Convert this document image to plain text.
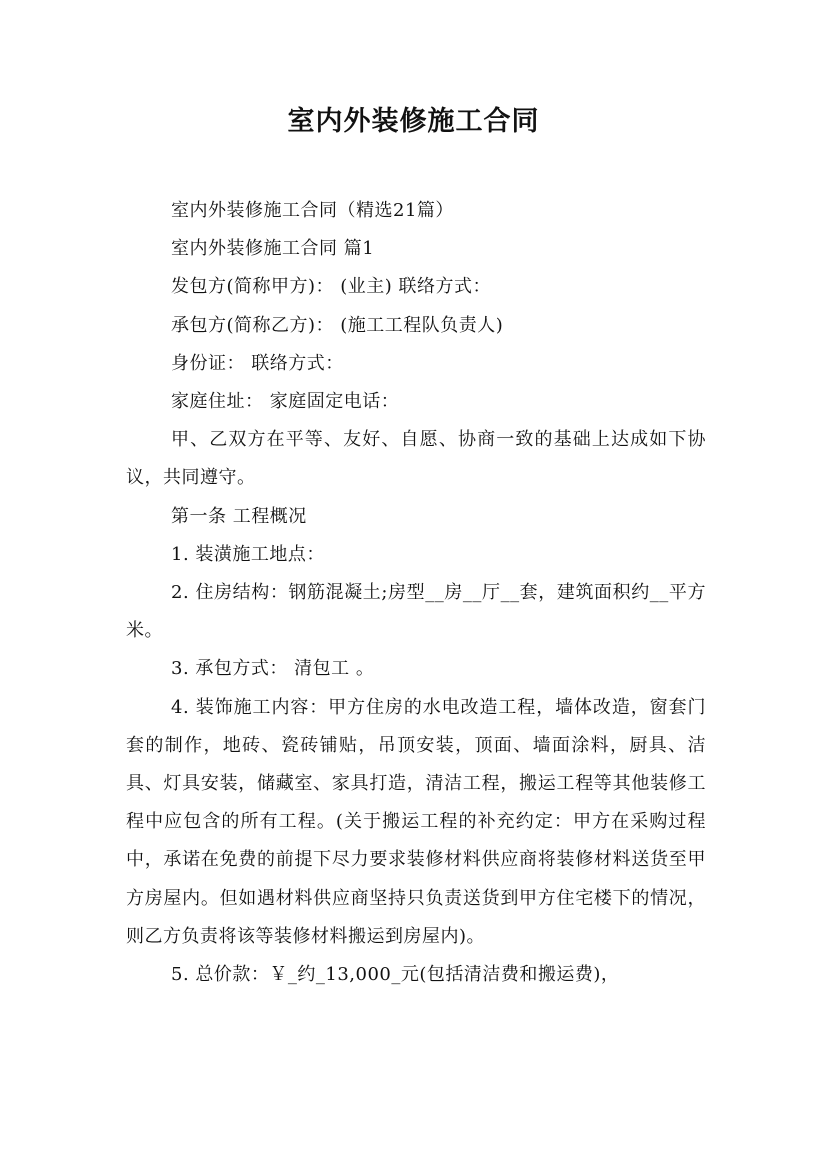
室内外装修施工合同

室内外装修施工合同（精选21篇）

室内外装修施工合同 篇1

发包方(简称甲方)： (业主) 联络方式：

承包方(简称乙方)： (施工工程队负责人)

身份证： 联络方式：

家庭住址： 家庭固定电话：

甲、乙双方在平等、友好、自愿、协商一致的基础上达成如下协议，共同遵守。

第一条 工程概况

1. 装潢施工地点：

2. 住房结构：钢筋混凝土;房型__房__厅__套，建筑面积约__平方米。

3. 承包方式： 清包工 。

4. 装饰施工内容：甲方住房的水电改造工程，墙体改造，窗套门套的制作，地砖、瓷砖铺贴，吊顶安装，顶面、墙面涂料，厨具、洁具、灯具安装，储藏室、家具打造，清洁工程，搬运工程等其他装修工程中应包含的所有工程。(关于搬运工程的补充约定：甲方在采购过程中，承诺在免费的前提下尽力要求装修材料供应商将装修材料送货至甲方房屋内。但如遇材料供应商坚持只负责送货到甲方住宅楼下的情况，则乙方负责将该等装修材料搬运到房屋内)。

5. 总价款：￥_约_13,000_元(包括清洁费和搬运费)，
